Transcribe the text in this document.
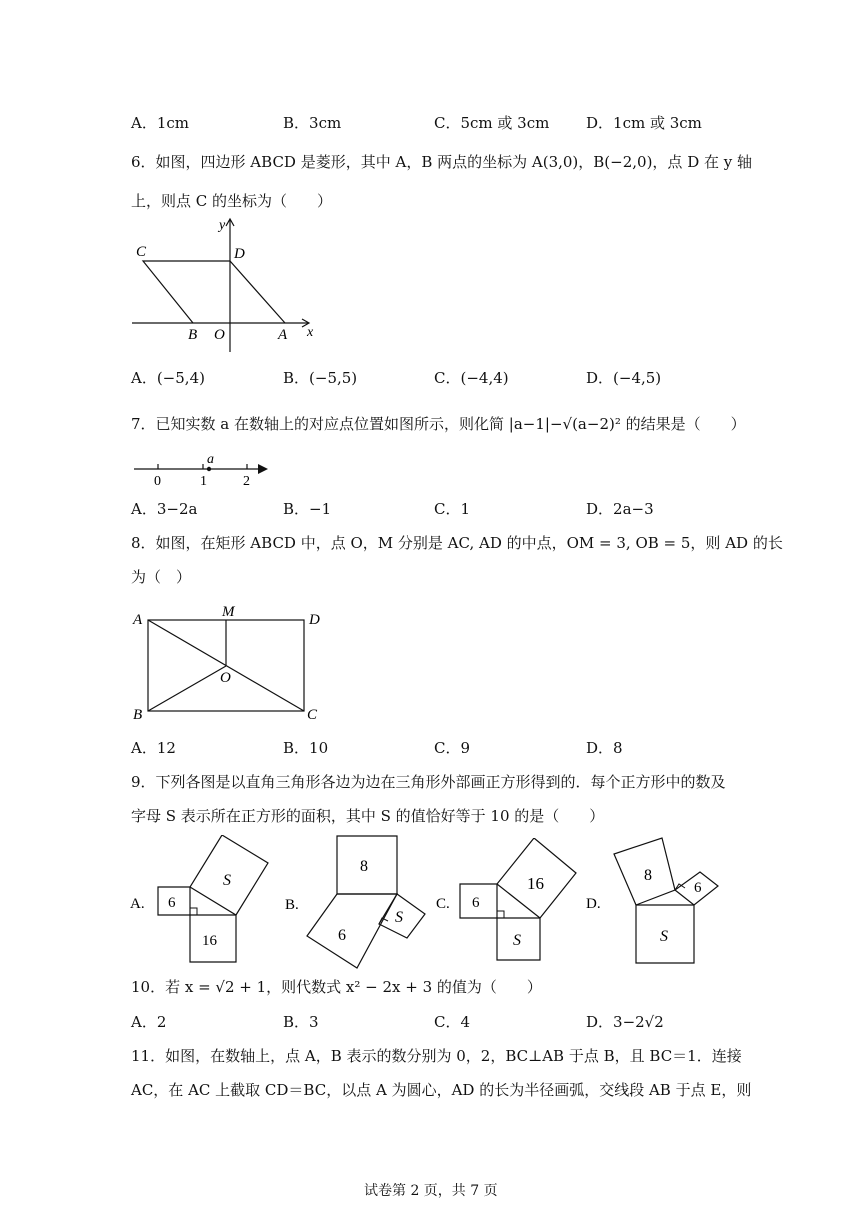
A．1cm	B．3cm	C．5cm 或 3cm D．1cm 或 3cm
6．如图，四边形 ABCD 是菱形，其中 A，B 两点的坐标为 A(3,0)，B(−2,0)，点 D 在 y 轴
上，则点 C 的坐标为（　　）
C	D
B O	A x
y
A．(−5,4)	B．(−5,5)	C．(−4,4)	D．(−4,5)
7．已知实数 a 在数轴上的对应点位置如图所示，则化简 |a−1|−√(a−2)² 的结果是（　　）
a
0	1	2
A．3−2a	B．−1	C．1	D．2a−3
8．如图，在矩形 ABCD 中，点 O，M 分别是 AC, AD 的中点，OM = 3, OB = 5，则 AD 的长
为（　）
A	M	D
O
B	C
A．12	B．10	C．9	D．8
9．下列各图是以直角三角形各边为边在三角形外部画正方形得到的．每个正方形中的数及
字母 S 表示所在正方形的面积，其中 S 的值恰好等于 10 的是（　　）
A. 6
S
16
B.
8
S
6
C. 6
16
S
D.
8
6
S
10．若 x = √2 + 1，则代数式 x² − 2x + 3 的值为（　　）
A．2	B．3	C．4	D．3−2√2
11．如图，在数轴上，点 A，B 表示的数分别为 0，2，BC⊥AB 于点 B，且 BC＝1．连接
AC，在 AC 上截取 CD＝BC，以点 A 为圆心，AD 的长为半径画弧，交线段 AB 于点 E，则
试卷第 2 页，共 7 页
